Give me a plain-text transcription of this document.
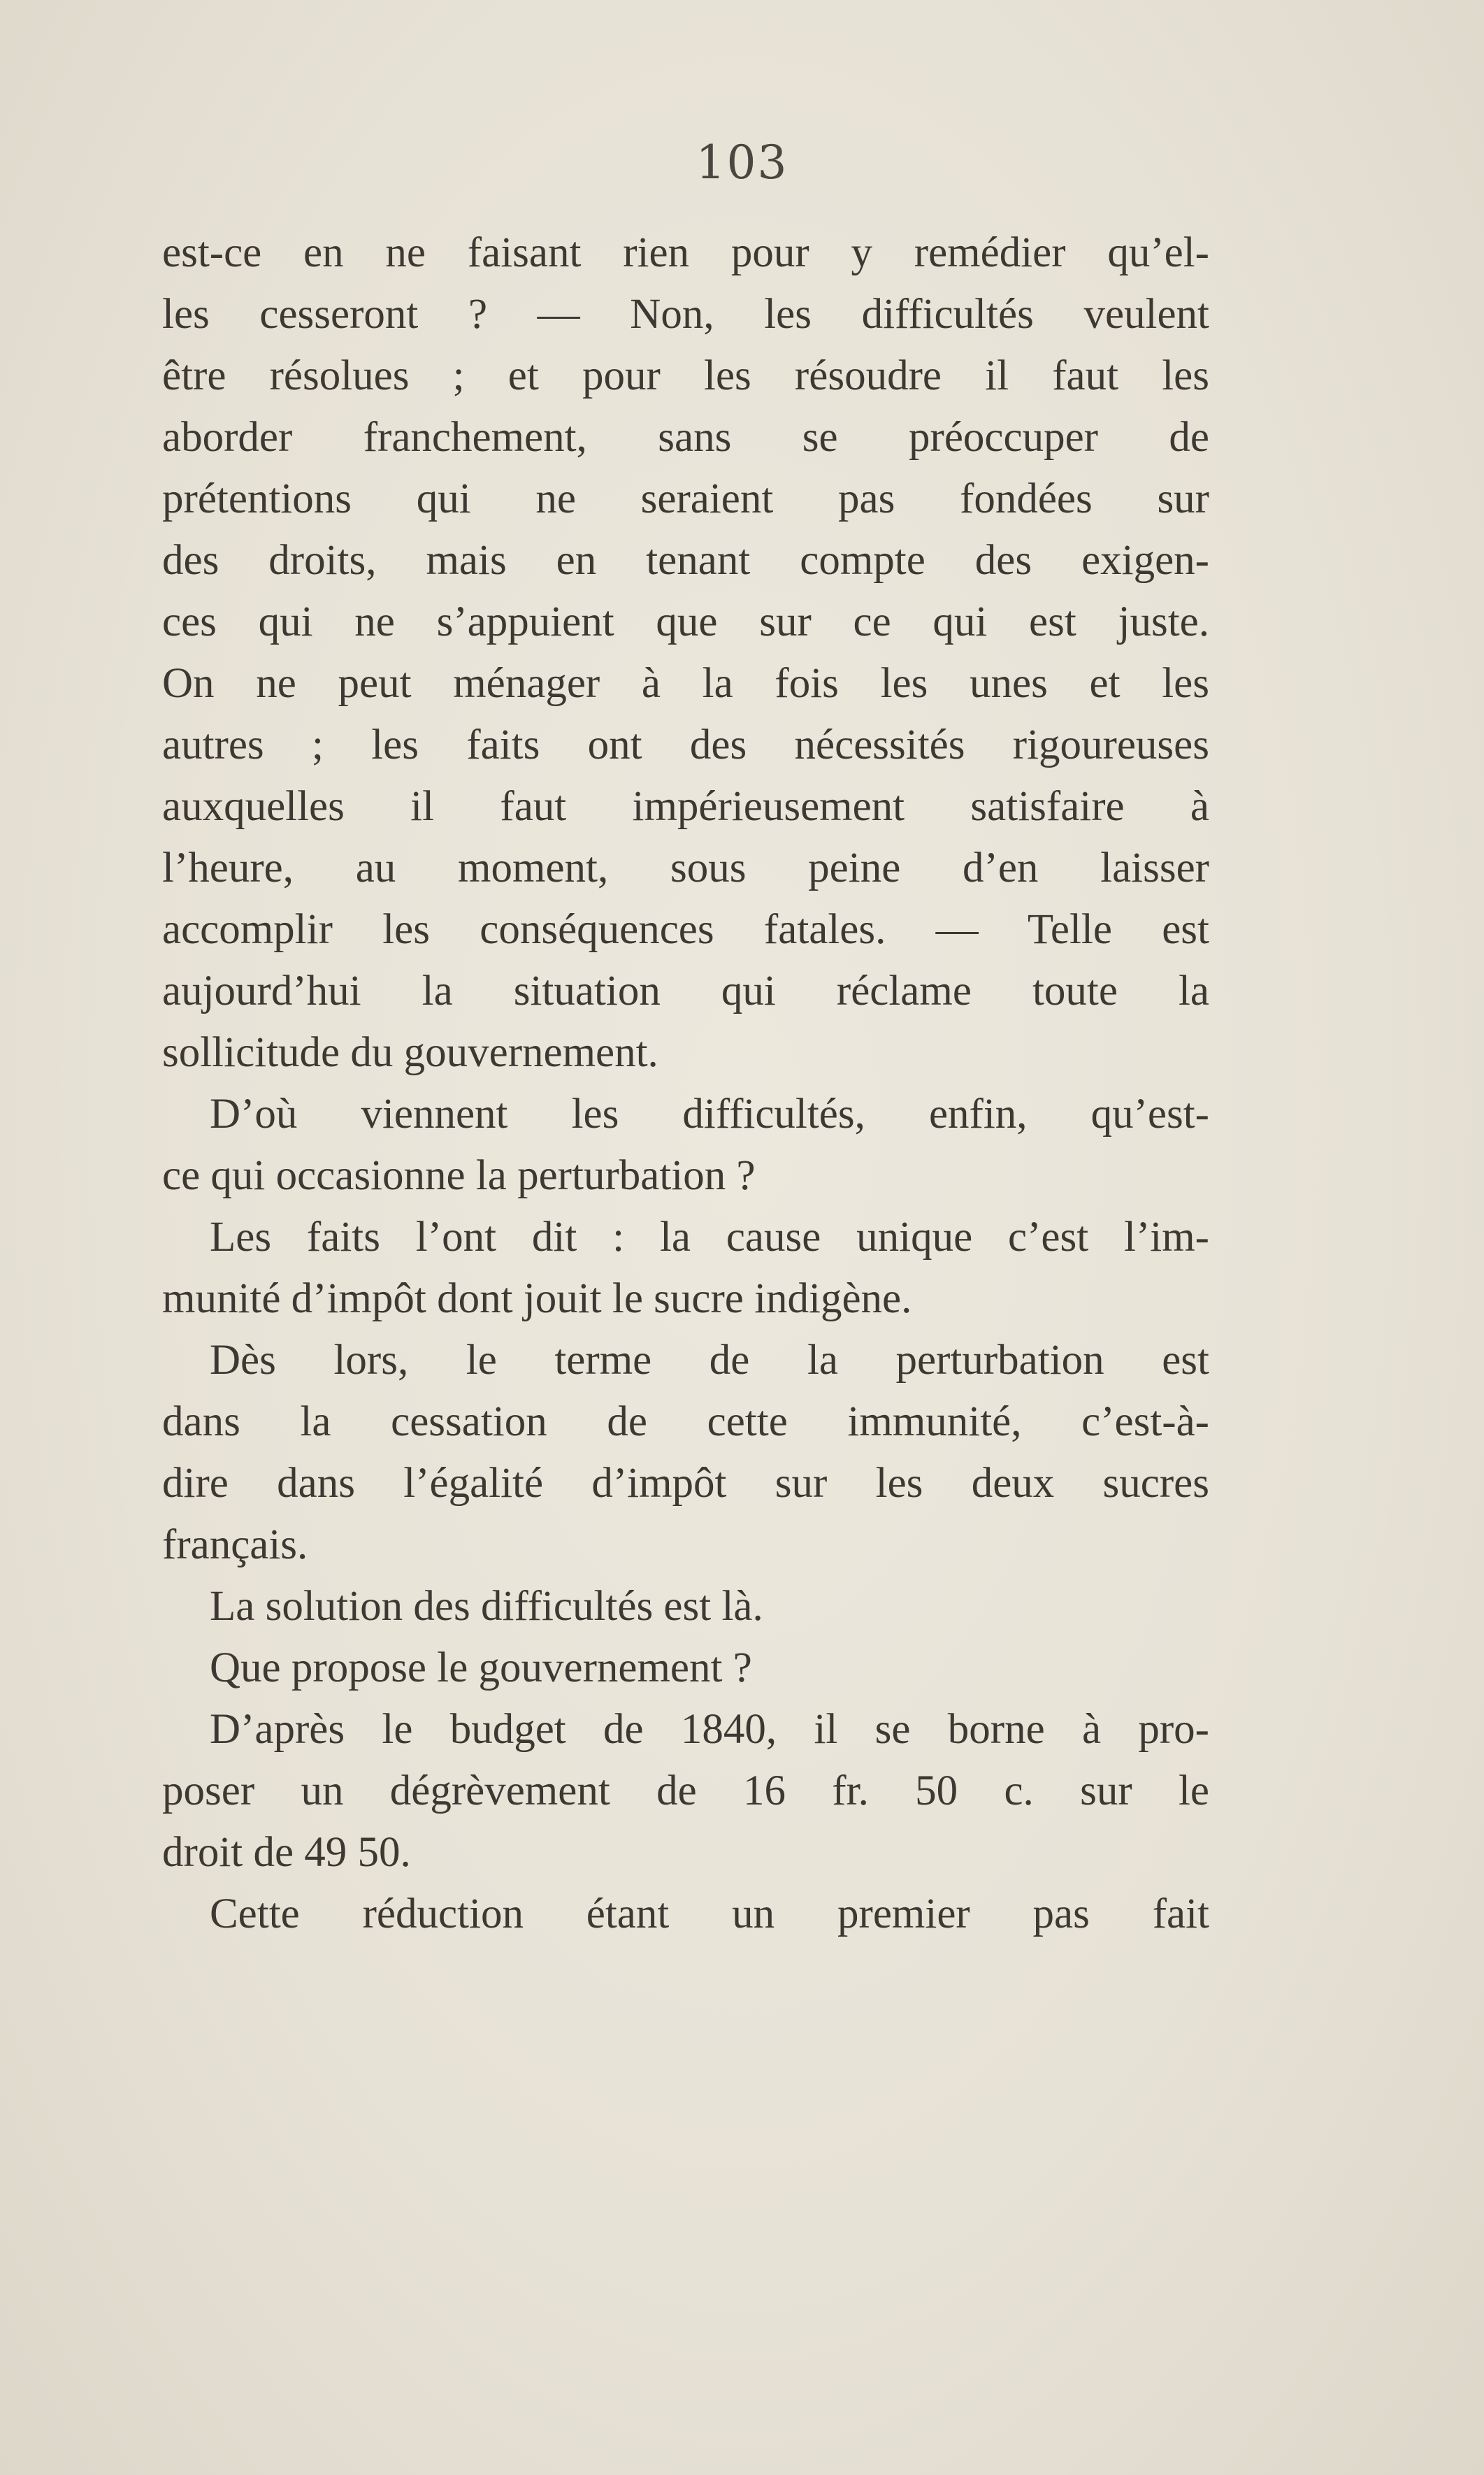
103
est-ce en ne faisant rien pour y remédier qu’el-
les cesseront ? — Non, les difficultés veulent
être résolues ; et pour les résoudre il faut les
aborder franchement, sans se préoccuper de
prétentions qui ne seraient pas fondées sur
des droits, mais en tenant compte des exigen-
ces qui ne s’appuient que sur ce qui est juste.
On ne peut ménager à la fois les unes et les
autres ; les faits ont des nécessités rigoureuses
auxquelles il faut impérieusement satisfaire à
l’heure, au moment, sous peine d’en laisser
accomplir les conséquences fatales. — Telle est
aujourd’hui la situation qui réclame toute la
sollicitude du gouvernement.
D’où viennent les difficultés, enfin, qu’est-
ce qui occasionne la perturbation ?
Les faits l’ont dit : la cause unique c’est l’im-
munité d’impôt dont jouit le sucre indigène.
Dès lors, le terme de la perturbation est
dans la cessation de cette immunité, c’est-à-
dire dans l’égalité d’impôt sur les deux sucres
français.
La solution des difficultés est là.
Que propose le gouvernement ?
D’après le budget de 1840, il se borne à pro-
poser un dégrèvement de 16 fr. 50 c. sur le
droit de 49 50.
Cette réduction étant un premier pas fait
